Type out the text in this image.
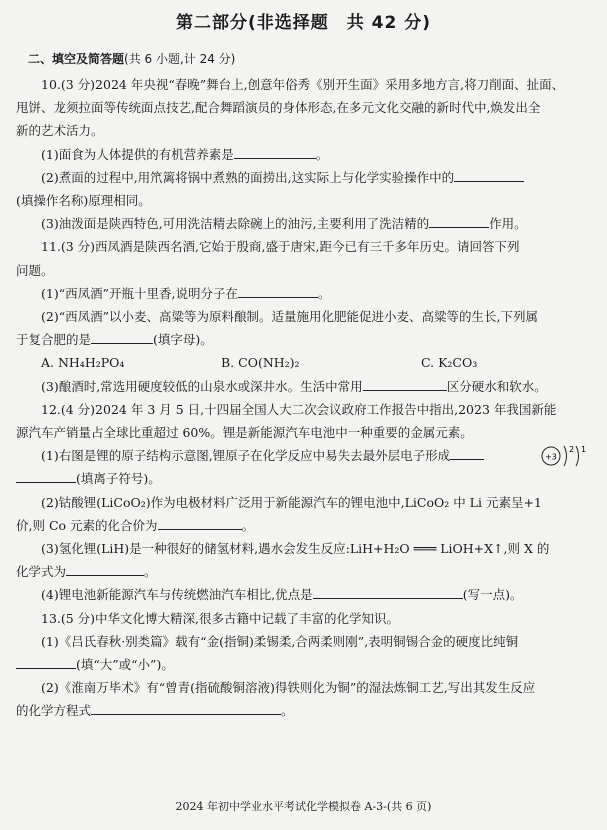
第二部分(非选择题　共 42 分)
二、填空及简答题(共 6 小题,计 24 分)

10.(3 分)2024 年央视“春晚”舞台上,创意年俗秀《别开生面》采用多地方言,将刀削面、扯面、

甩饼、龙须拉面等传统面点技艺,配合舞蹈演员的身体形态,在多元文化交融的新时代中,焕发出全

新的艺术活力。

(1)面食为人体提供的有机营养素是	。

(2)煮面的过程中,用笊篱将锅中煮熟的面捞出,这实际上与化学实验操作中的

(填操作名称)原理相同。

(3)油泼面是陕西特色,可用洗洁精去除碗上的油污,主要利用了洗洁精的	作用。

11.(3 分)西凤酒是陕西名酒,它始于殷商,盛于唐宋,距今已有三千多年历史。请回答下列

问题。

(1)“西凤酒”开瓶十里香,说明分子在	。

(2)“西凤酒”以小麦、高粱等为原料酿制。适量施用化肥能促进小麦、高粱等的生长,下列属

于复合肥的是	(填字母)。

A. NH₄H₂PO₄	B. CO(NH₂)₂	C. K₂CO₃

(3)酿酒时,常选用硬度较低的山泉水或深井水。生活中常用	区分硬水和软水。

12.(4 分)2024 年 3 月 5 日,十四届全国人大二次会议政府工作报告中指出,2023 年我国新能

源汽车产销量占全球比重超过 60%。锂是新能源汽车电池中一种重要的金属元素。

(1)右图是锂的原子结构示意图,锂原子在化学反应中易失去最外层电子形成	+3
2 1

(填离子符号)。

(2)钴酸锂(LiCoO₂)作为电极材料广泛用于新能源汽车的锂电池中,LiCoO₂ 中 Li 元素呈+1

价,则 Co 元素的化合价为	。

(3)氢化锂(LiH)是一种很好的储氢材料,遇水会发生反应:LiH+H₂O ═══ LiOH+X↑,则 X 的

化学式为	。

(4)锂电池新能源汽车与传统燃油汽车相比,优点是	(写一点)。

13.(5 分)中华文化博大精深,很多古籍中记载了丰富的化学知识。

(1)《吕氏春秋·别类篇》载有“金(指铜)柔锡柔,合两柔则刚”,表明铜锡合金的硬度比纯铜

(填“大”或“小”)。

(2)《淮南万毕术》有“曾青(指硫酸铜溶液)得铁则化为铜”的湿法炼铜工艺,写出其发生反应

的化学方程式	。

2024 年初中学业水平考试化学模拟卷 A-3-(共 6 页)
